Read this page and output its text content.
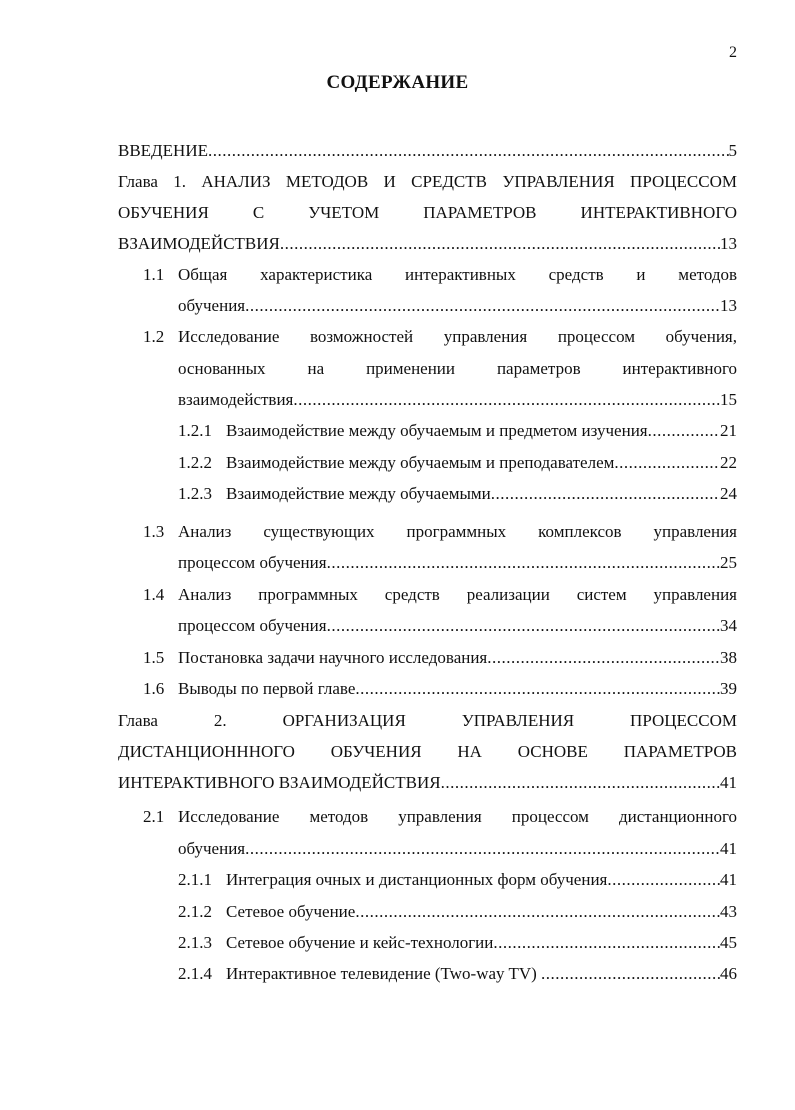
2
СОДЕРЖАНИЕ
ВВЕДЕНИЕ .....	5
Глава 1. АНАЛИЗ МЕТОДОВ И СРЕДСТВ УПРАВЛЕНИЯ ПРОЦЕССОМ
ОБУЧЕНИЯ С УЧЕТОМ ПАРАМЕТРОВ ИНТЕРАКТИВНОГО
ВЗАИМОДЕЙСТВИЯ .....	13
1.1 Общая характеристика интерактивных средств и методов
обучения .....	13
1.2 Исследование возможностей управления процессом обучения,
основанных на применении параметров интерактивного
взаимодействия .....	15
1.2.1 Взаимодействие между обучаемым и предметом изучения .....	21
1.2.2 Взаимодействие между обучаемым и преподавателем .....	22
1.2.3 Взаимодействие между обучаемыми .....	24
1.3 Анализ существующих программных комплексов управления
процессом обучения .....	25
1.4 Анализ программных средств реализации систем управления
процессом обучения .....	34
1.5 Постановка задачи научного исследования .....	38
1.6 Выводы по первой главе .....	39
Глава 2. ОРГАНИЗАЦИЯ УПРАВЛЕНИЯ ПРОЦЕССОМ
ДИСТАНЦИОНННОГО ОБУЧЕНИЯ НА ОСНОВЕ ПАРАМЕТРОВ
ИНТЕРАКТИВНОГО ВЗАИМОДЕЙСТВИЯ .....	41
2.1 Исследование методов управления процессом дистанционного
обучения .....	41
2.1.1 Интеграция очных и дистанционных форм обучения .....	41
2.1.2 Сетевое обучение .....	43
2.1.3 Сетевое обучение и кейс-технологии .....	45
2.1.4 Интерактивное телевидение (Two-way TV) .....	46
